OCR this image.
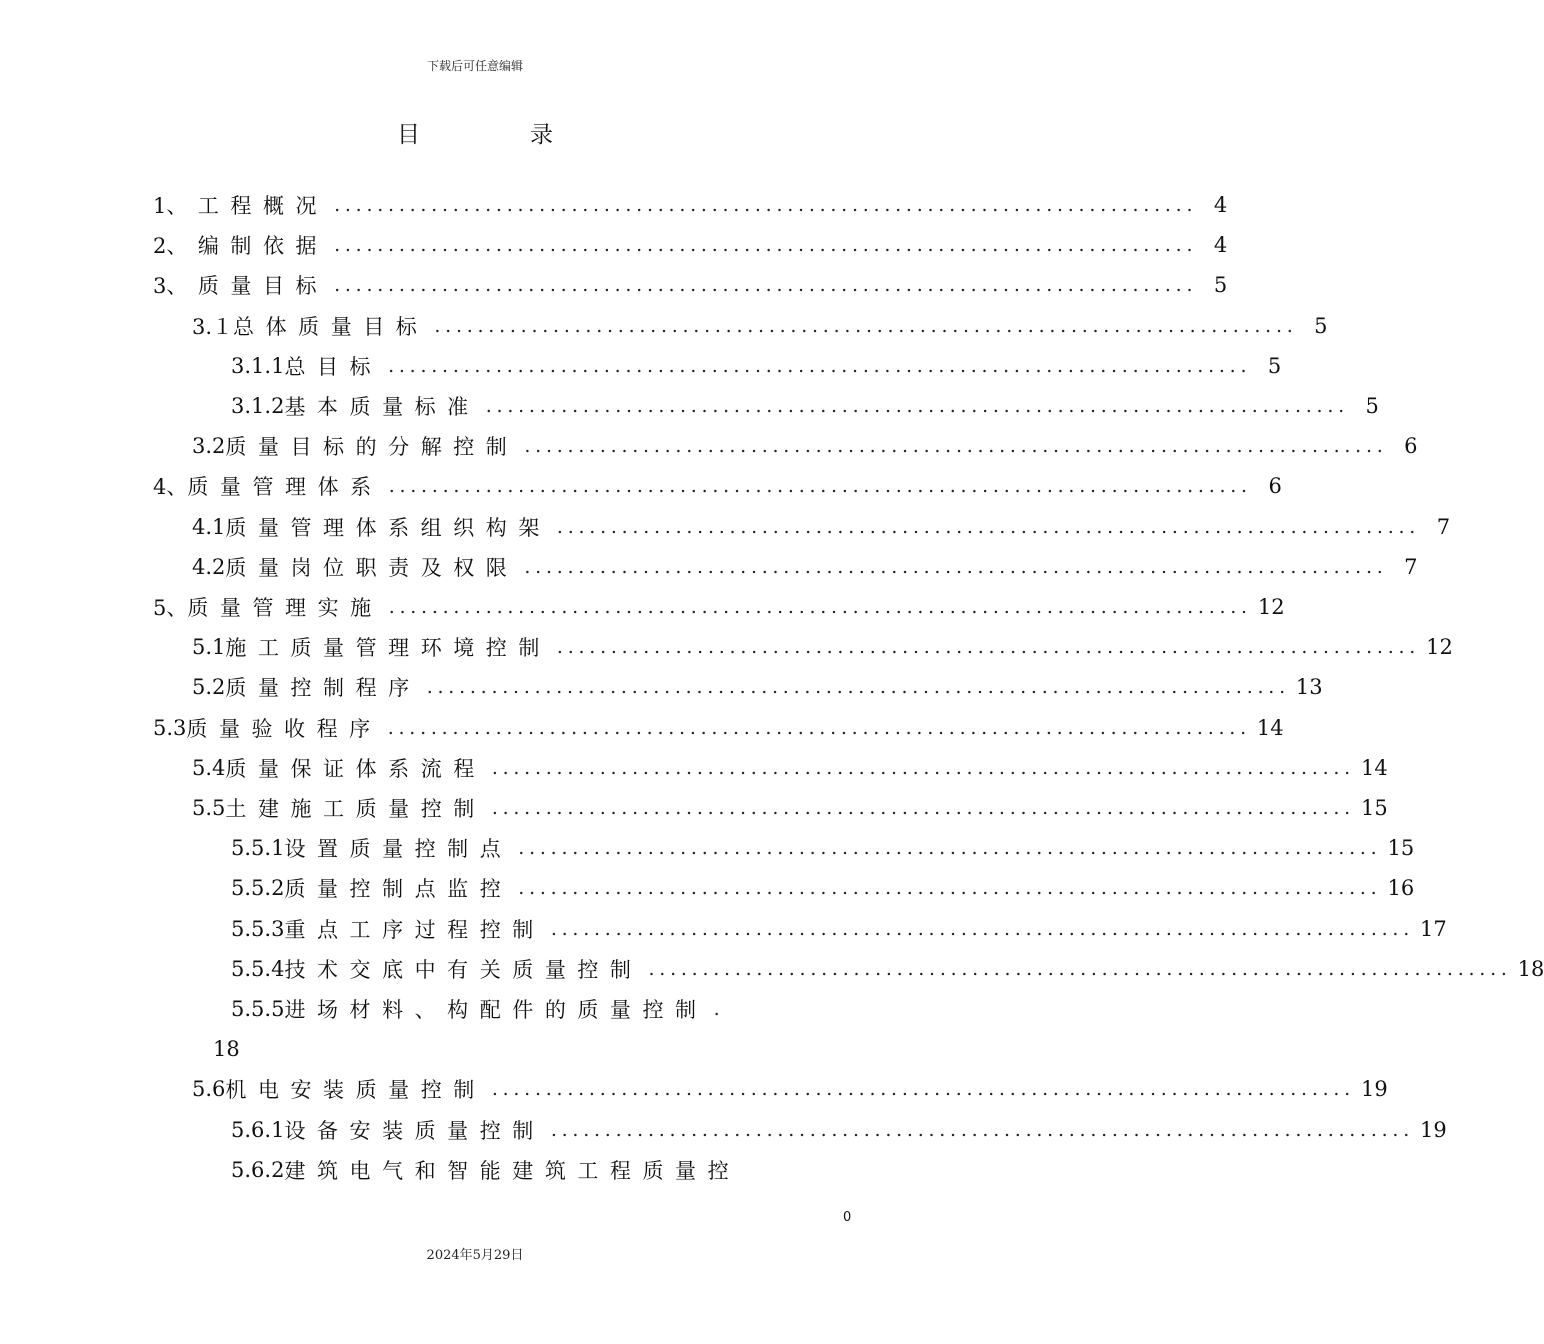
下载后可任意编辑
目	录
1、　 工程概况 ................................................................................ 4
2、　 编制依据 ................................................................................ 4
3、　 质量目标 ................................................................................ 5
3.１ 总体质量目标 ................................................................................ 5
3.1.1 总目标 ................................................................................ 5
3.1.2 基本质量标准 ................................................................................ 5
3.2 质量目标的分解控制 ................................................................................ 6
4、 质量管理体系 ................................................................................ 6
4.1 质量管理体系组织构架 ................................................................................ 7
4.2 质量岗位职责及权限 ................................................................................ 7
5、 质量管理实施 ................................................................................ 12
5.1 施工质量管理环境控制 ................................................................................ 12
5.2 质量控制程序 ................................................................................ 13
5.3 质量验收程序 ................................................................................ 14
5.4 质量保证体系流程 ................................................................................ 14
5.5 土建施工质量控制 ................................................................................ 15
5.5.1 设置质量控制点 ................................................................................ 15
5.5.2 质量控制点监控 ................................................................................ 16
5.5.3 重点工序过程控制 ................................................................................ 17
5.5.4 技术交底中有关质量控制 ................................................................................ 18
5.5.5 进场材料、构配件的质量控制 .
18
5.6 机电安装质量控制 ................................................................................ 19
5.6.1 设备安装质量控制 ................................................................................ 19
5.6.2 建筑电气和智能建筑工程质量控
0
2024年5月29日
